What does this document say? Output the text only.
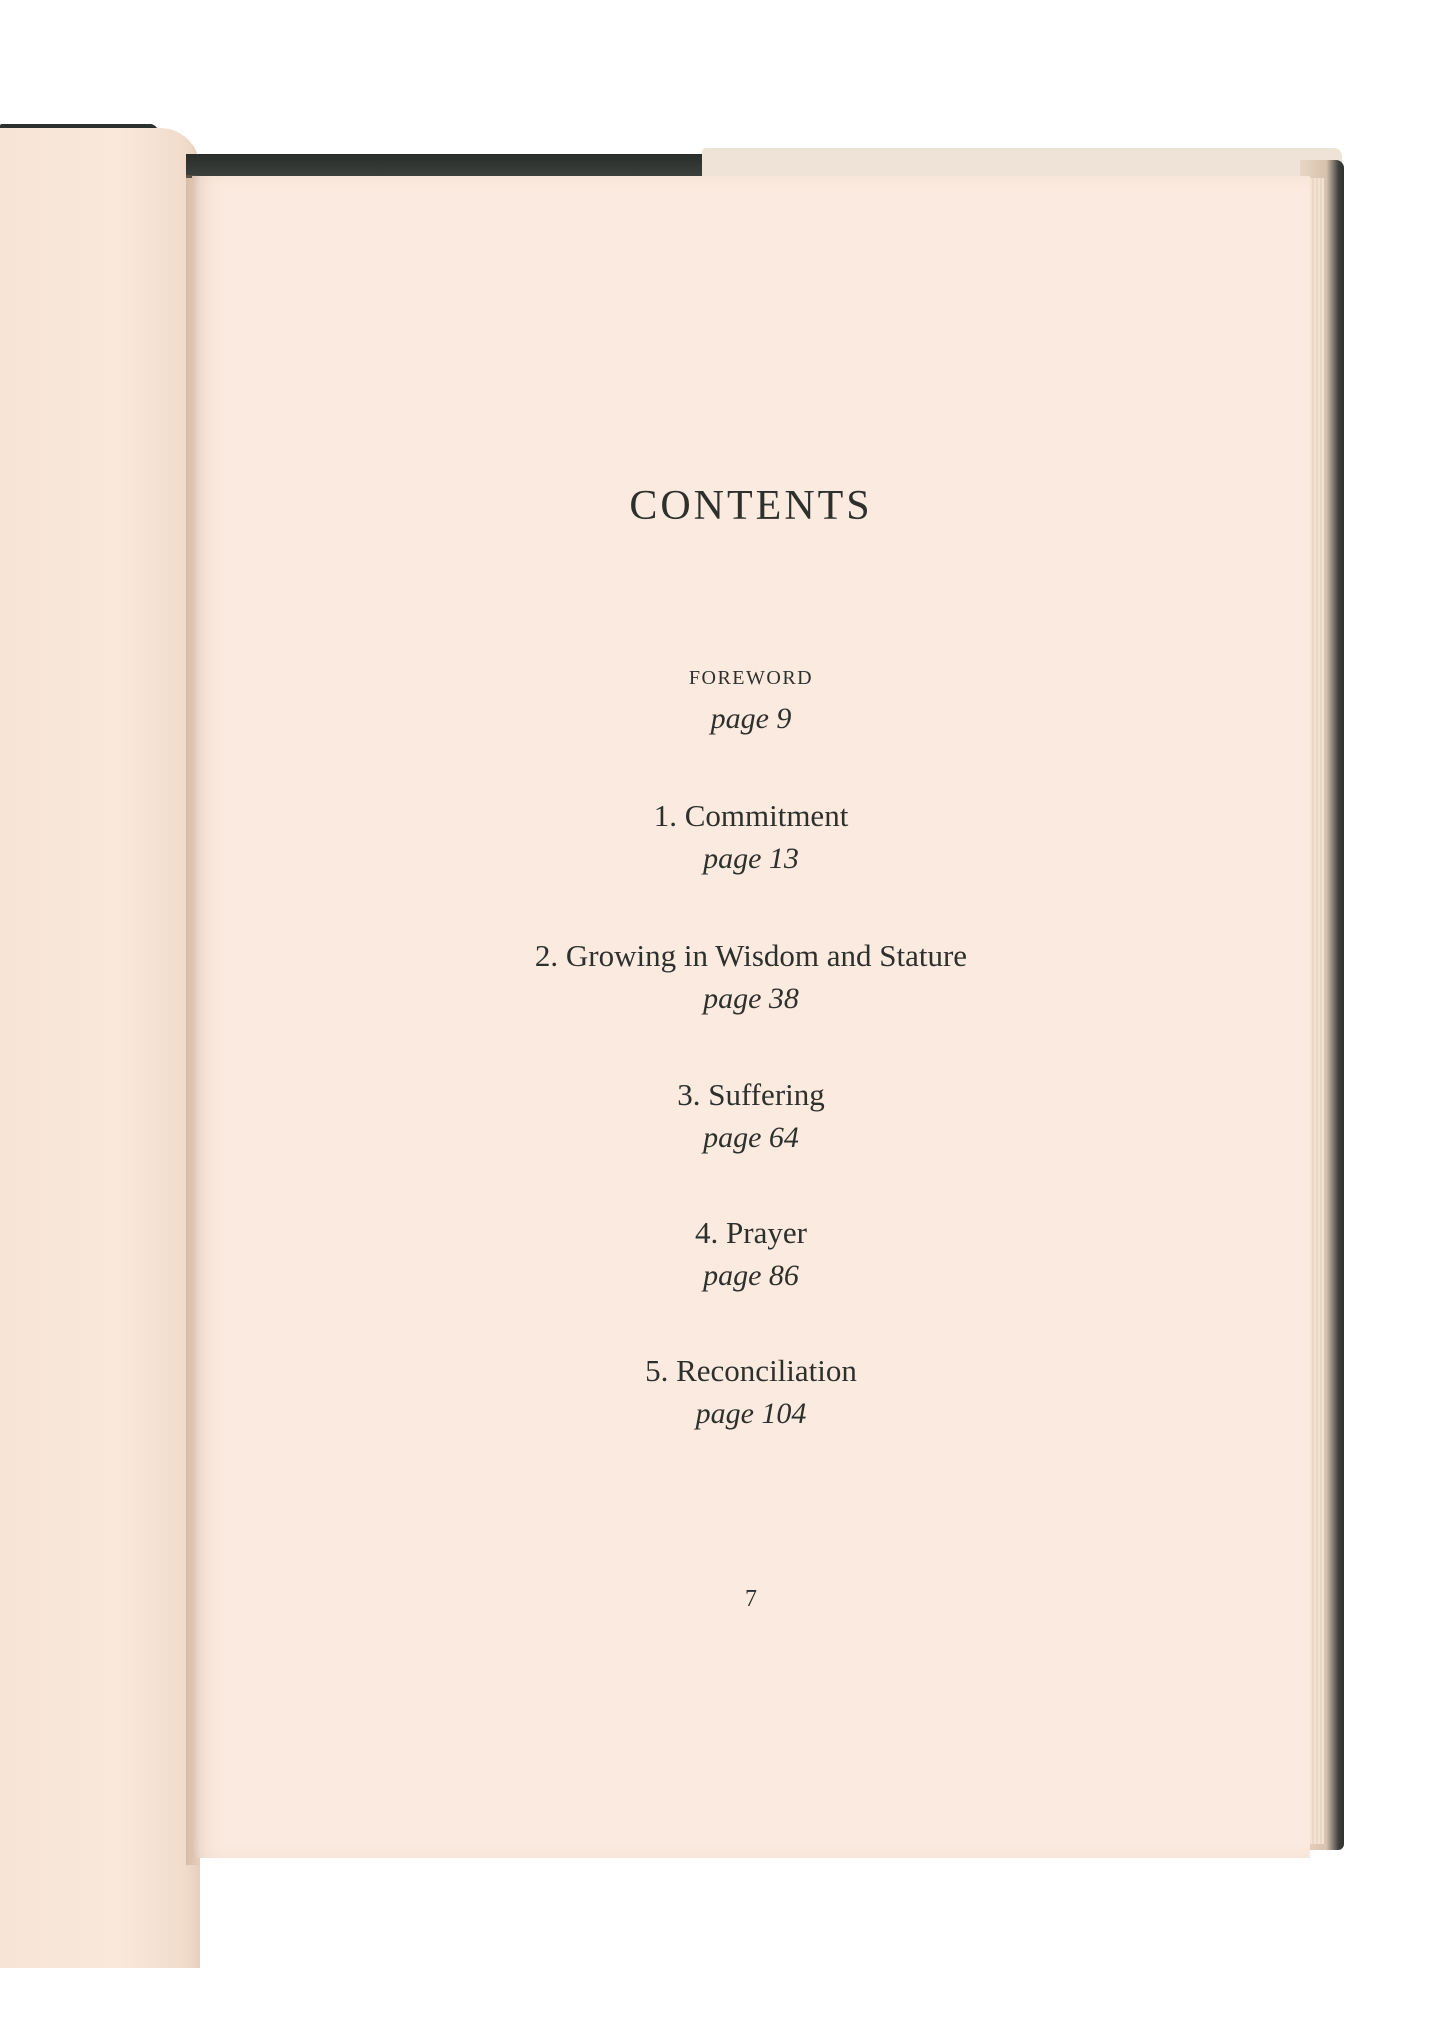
CONTENTS
FOREWORD
page 9
1. Commitment
page 13
2. Growing in Wisdom and Stature
page 38
3. Suffering
page 64
4. Prayer
page 86
5. Reconciliation
page 104
7
